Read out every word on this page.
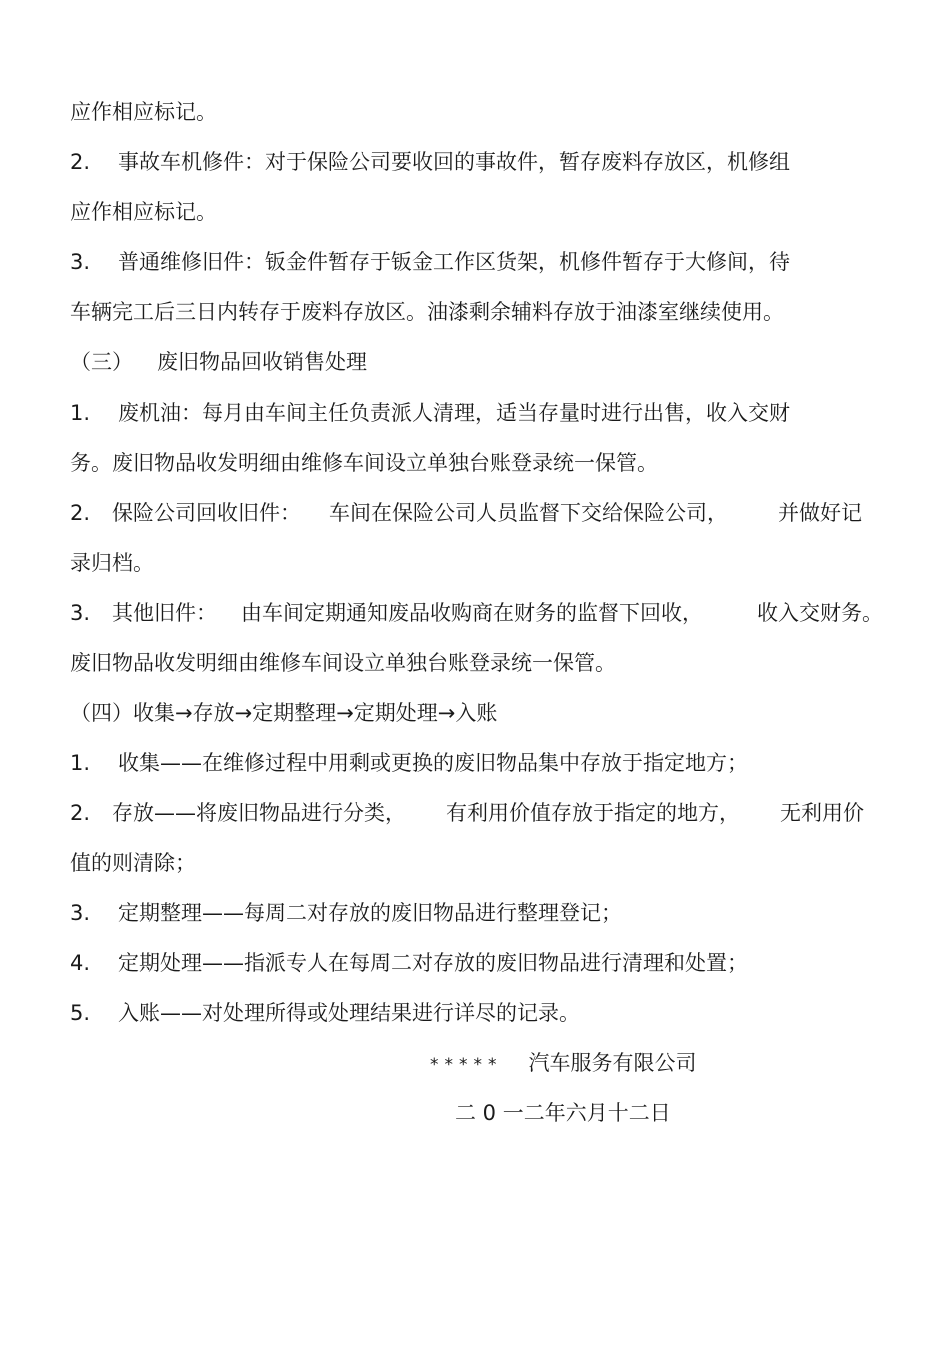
应作相应标记。
2. 事故车机修件：对于保险公司要收回的事故件，暂存废料存放区，机修组
应作相应标记。
3. 普通维修旧件：钣金件暂存于钣金工作区货架，机修件暂存于大修间，待
车辆完工后三日内转存于废料存放区。油漆剩余辅料存放于油漆室继续使用。
（三） 废旧物品回收销售处理
1. 废机油：每月由车间主任负责派人清理，适当存量时进行出售，收入交财
务。废旧物品收发明细由维修车间设立单独台账登录统一保管。
2. 保险公司回收旧件： 车间在保险公司人员监督下交给保险公司， 并做好记
录归档。
3. 其他旧件： 由车间定期通知废品收购商在财务的监督下回收，	收入交财务。
废旧物品收发明细由维修车间设立单独台账登录统一保管。
（四）收集→存放→定期整理→定期处理→入账
1. 收集——在维修过程中用剩或更换的废旧物品集中存放于指定地方；
2. 存放——将废旧物品进行分类， 有利用价值存放于指定的地方， 无利用价
值的则清除；
3. 定期整理——每周二对存放的废旧物品进行整理登记；
4. 定期处理——指派专人在每周二对存放的废旧物品进行清理和处置；
5. 入账——对处理所得或处理结果进行详尽的记录。
***** 汽车服务有限公司
二 0 一二年六月十二日
